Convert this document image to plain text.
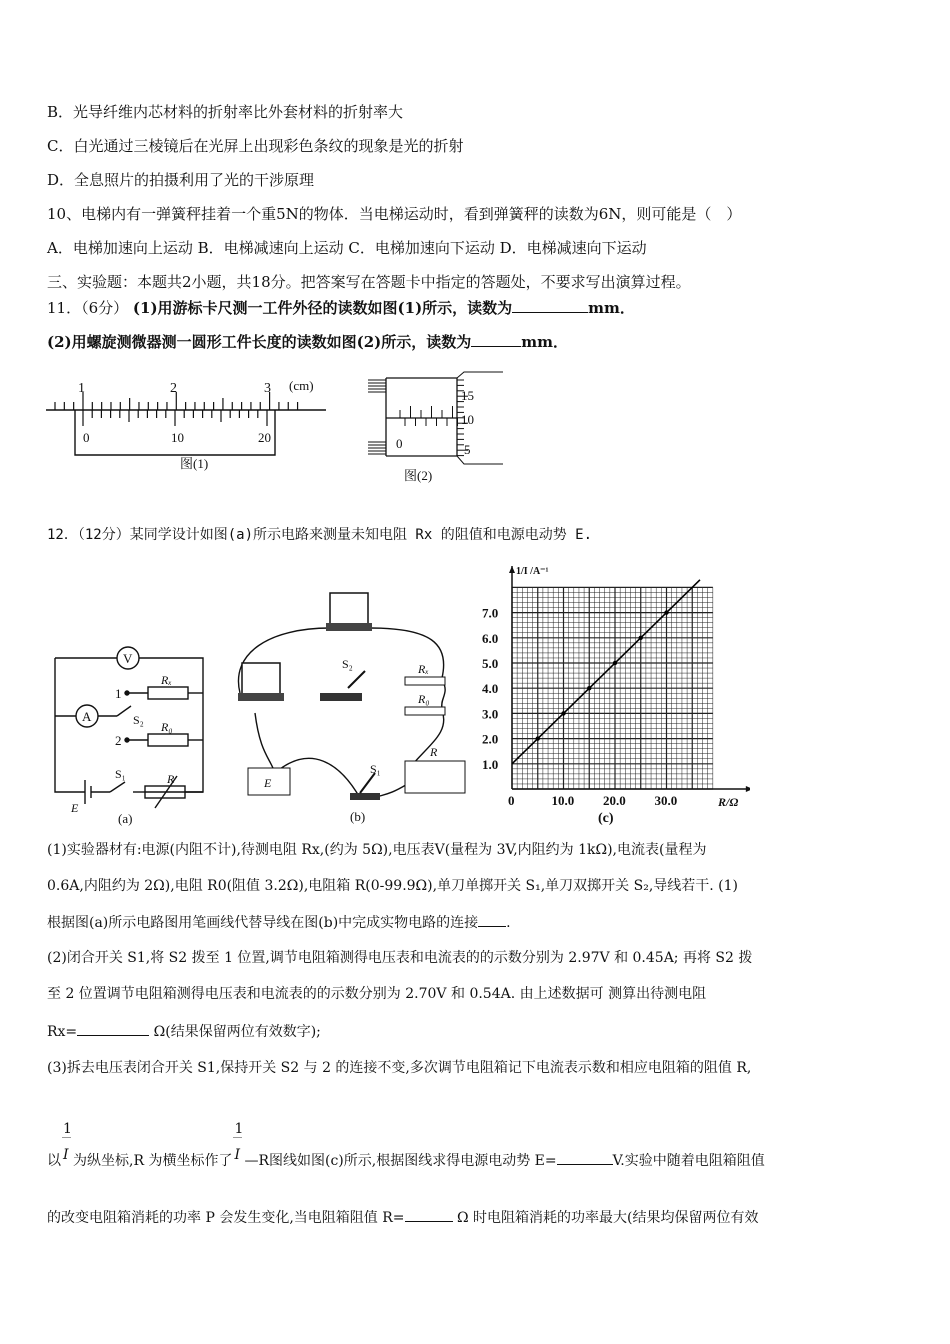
B．光导纤维内芯材料的折射率比外套材料的折射率大
C．白光通过三棱镜后在光屏上出现彩色条纹的现象是光的折射
D．全息照片的拍摄利用了光的干涉原理
10、电梯内有一弹簧秤挂着一个重5N的物体．当电梯运动时，看到弹簧秤的读数为6N，则可能是（　）
A．电梯加速向上运动 B．电梯减速向上运动 C．电梯加速向下运动 D．电梯减速向下运动
三、实验题：本题共2小题，共18分。把答案写在答题卡中指定的答题处，不要求写出演算过程。
11．（6分） (1)用游标卡尺测一工件外径的读数如图(1)所示，读数为	mm．
(2)用螺旋测微器测一圆形工件长度的读数如图(2)所示，读数为	mm．
1	2	3 (cm)
0	10	20
图(1)
15
10
5
0
图(2)
12．（12分）某同学设计如图(a)所示电路来测量未知电阻 Rx 的阻值和电源电动势 E.
V
A
Rₓ
R₀
R
S₁
S₂
E
1
2
(a)
S₂	Rₓ
R₀
R
S₁
E
(b)
0	10.0 20.0 30.0
1.0
2.0
3.0
4.0
5.0
6.0
7.0
R/Ω
1/I /A⁻¹
(c)
(1)实验器材有:电源(内阻不计),待测电阻 Rx,(约为 5Ω),电压表V(量程为 3V,内阻约为 1kΩ),电流表(量程为
0.6A,内阻约为 2Ω),电阻 R0(阻值 3.2Ω),电阻箱 R(0-99.9Ω),单刀单掷开关 S₁,单刀双掷开关 S₂,导线若干. (1)
根据图(a)所示电路图用笔画线代替导线在图(b)中完成实物电路的连接 .
(2)闭合开关 S1,将 S2 拨至 1 位置,调节电阻箱测得电压表和电流表的的示数分别为 2.97V 和 0.45A; 再将 S2 拨
至 2 位置调节电阻箱测得电压表和电流表的的示数分别为 2.70V 和 0.54A. 由上述数据可 测算出待测电阻
Rx=	Ω(结果保留两位有效数字);
(3)拆去电压表闭合开关 S1,保持开关 S2 与 2 的连接不变,多次调节电阻箱记下电流表示数和相应电阻箱的阻值 R,
以 $\frac{1}{I}$ 为纵坐标,R 为横坐标作了 $\frac{1}{I}$ —R图线如图(c)所示,根据图线求得电源电动势 E=	V.实验中随着电阻箱阻值
的改变电阻箱消耗的功率 P 会发生变化,当电阻箱阻值 R=	Ω 时电阻箱消耗的功率最大(结果均保留两位有效
